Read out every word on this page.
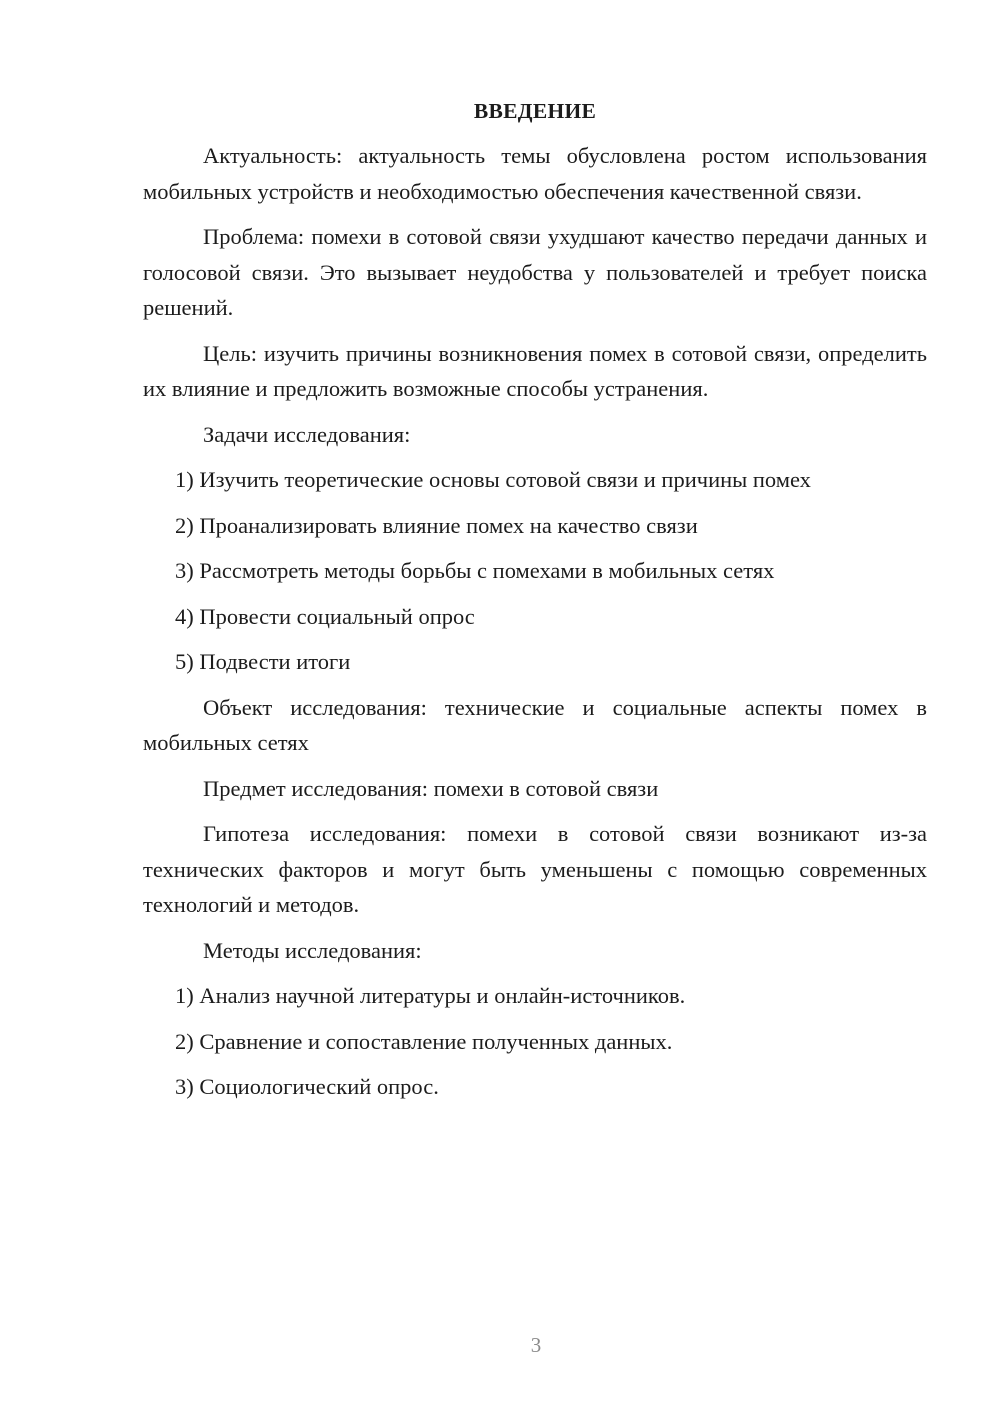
ВВЕДЕНИЕ

Актуальность: актуальность темы обусловлена ростом использования мобильных устройств и необходимостью обеспечения качественной связи.

Проблема: помехи в сотовой связи ухудшают качество передачи данных и голосовой связи. Это вызывает неудобства у пользователей и требует поиска решений.

Цель: изучить причины возникновения помех в сотовой связи, определить их влияние и предложить возможные способы устранения.

Задачи исследования:

1) Изучить теоретические основы сотовой связи и причины помех
2) Проанализировать влияние помех на качество связи
3) Рассмотреть методы борьбы с помехами в мобильных сетях
4) Провести социальный опрос
5) Подвести итоги

Объект исследования: технические и социальные аспекты помех в мобильных сетях

Предмет исследования: помехи в сотовой связи

Гипотеза исследования: помехи в сотовой связи возникают из-за технических факторов и могут быть уменьшены с помощью современных технологий и методов.

Методы исследования:

1) Анализ научной литературы и онлайн-источников.
2) Сравнение и сопоставление полученных данных.
3) Социологический опрос.
3
